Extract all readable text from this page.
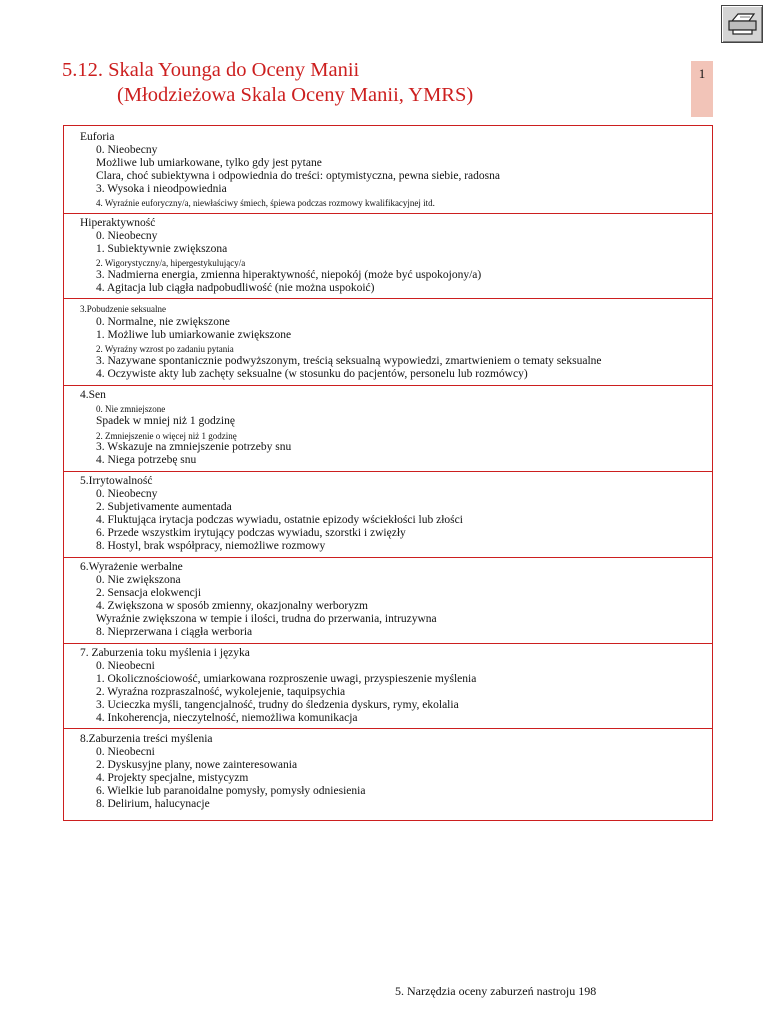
5.12. Skala Younga do Oceny Manii
(Młodzieżowa Skala Oceny Manii, YMRS)
1
Euforia
0. Nieobecny
Możliwe lub umiarkowane, tylko gdy jest pytane
Clara, choć subiektywna i odpowiednia do treści: optymistyczna, pewna siebie, radosna
3. Wysoka i nieodpowiednia
4. Wyraźnie euforyczny/a, niewłaściwy śmiech, śpiewa podczas rozmowy kwalifikacyjnej itd.
Hiperaktywność
0. Nieobecny
1. Subiektywnie zwiększona
2. Wigorystyczny/a, hipergestykulujący/a
3. Nadmierna energia, zmienna hiperaktywność, niepokój (może być uspokojony/a)
4. Agitacja lub ciągła nadpobudliwość (nie można uspokoić)
3.Pobudzenie seksualne
0. Normalne, nie zwiększone
1. Możliwe lub umiarkowanie zwiększone
2. Wyraźny wzrost po zadaniu pytania
3. Nazywane spontanicznie podwyższonym, treścią seksualną wypowiedzi, zmartwieniem o tematy seksualne
4. Oczywiste akty lub zachęty seksualne (w stosunku do pacjentów, personelu lub rozmówcy)
4.Sen
0. Nie zmniejszone
Spadek w mniej niż 1 godzinę
2. Zmniejszenie o więcej niż 1 godzinę
3. Wskazuje na zmniejszenie potrzeby snu
4. Niega potrzebę snu
5.Irrytowalność
0. Nieobecny
2. Subjetivamente aumentada
4. Fluktująca irytacja podczas wywiadu, ostatnie epizody wściekłości lub złości
6. Przede wszystkim irytujący podczas wywiadu, szorstki i zwięzły
8. Hostyl, brak współpracy, niemożliwe rozmowy
6.Wyrażenie werbalne
0. Nie zwiększona
2. Sensacja elokwencji
4. Zwiększona w sposób zmienny, okazjonalny werboryzm
Wyraźnie zwiększona w tempie i ilości, trudna do przerwania, intruzywna
8. Nieprzerwana i ciągła werboria
7. Zaburzenia toku myślenia i języka
0. Nieobecni
1. Okolicznościowość, umiarkowana rozproszenie uwagi, przyspieszenie myślenia
2. Wyraźna rozpraszalność, wykolejenie, taquipsychia
3. Ucieczka myśli, tangencjalność, trudny do śledzenia dyskurs, rymy, ekolalia
4. Inkoherencja, nieczytelność, niemożliwa komunikacja
8.Zaburzenia treści myślenia
0. Nieobecni
2. Dyskusyjne plany, nowe zainteresowania
4. Projekty specjalne, mistycyzm
6. Wielkie lub paranoidalne pomysły, pomysły odniesienia
8. Delirium, halucynacje
5. Narzędzia oceny zaburzeń nastroju 198
